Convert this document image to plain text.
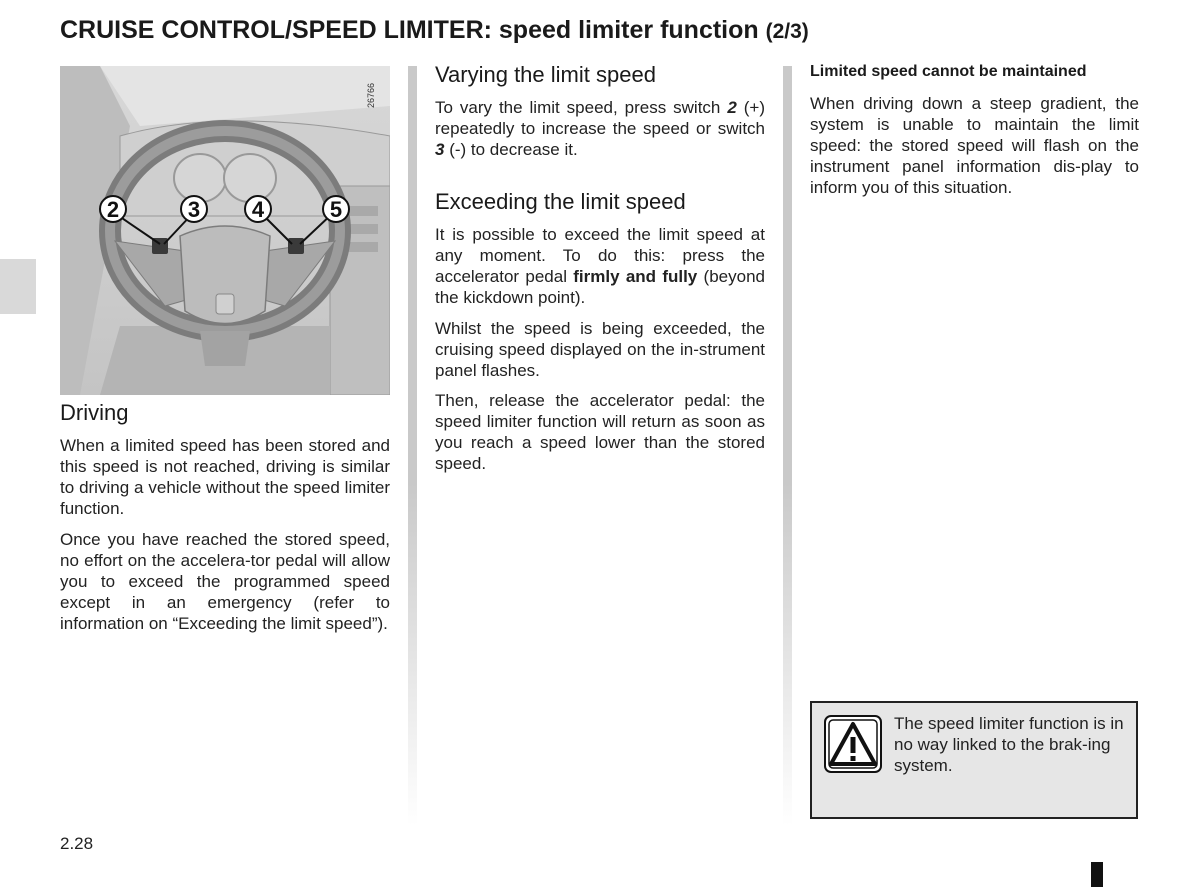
CRUISE CONTROL/SPEED LIMITER: speed limiter function (2/3)
2	3 4	5
26766
Driving

When a limited speed has been stored and this speed is not reached, driving is similar to driving a vehicle without the speed limiter function.

Once you have reached the stored speed, no effort on the accelera-tor pedal will allow you to exceed the programmed speed except in an emergency (refer to information on “Exceeding the limit speed”).

Varying the limit speed

To vary the limit speed, press switch 2 (+) repeatedly to increase the speed or switch 3 (-) to decrease it.

Exceeding the limit speed

It is possible to exceed the limit speed at any moment. To do this: press the accelerator pedal firmly and fully (beyond the kickdown point).

Whilst the speed is being exceeded, the cruising speed displayed on the in-strument panel flashes.

Then, release the accelerator pedal: the speed limiter function will return as soon as you reach a speed lower than the stored speed.

Limited speed cannot be maintained

When driving down a steep gradient, the system is unable to maintain the limit speed: the stored speed will flash on the instrument panel information dis-play to inform you of this situation.

The speed limiter function is in no way linked to the brak-ing system.
2.28
